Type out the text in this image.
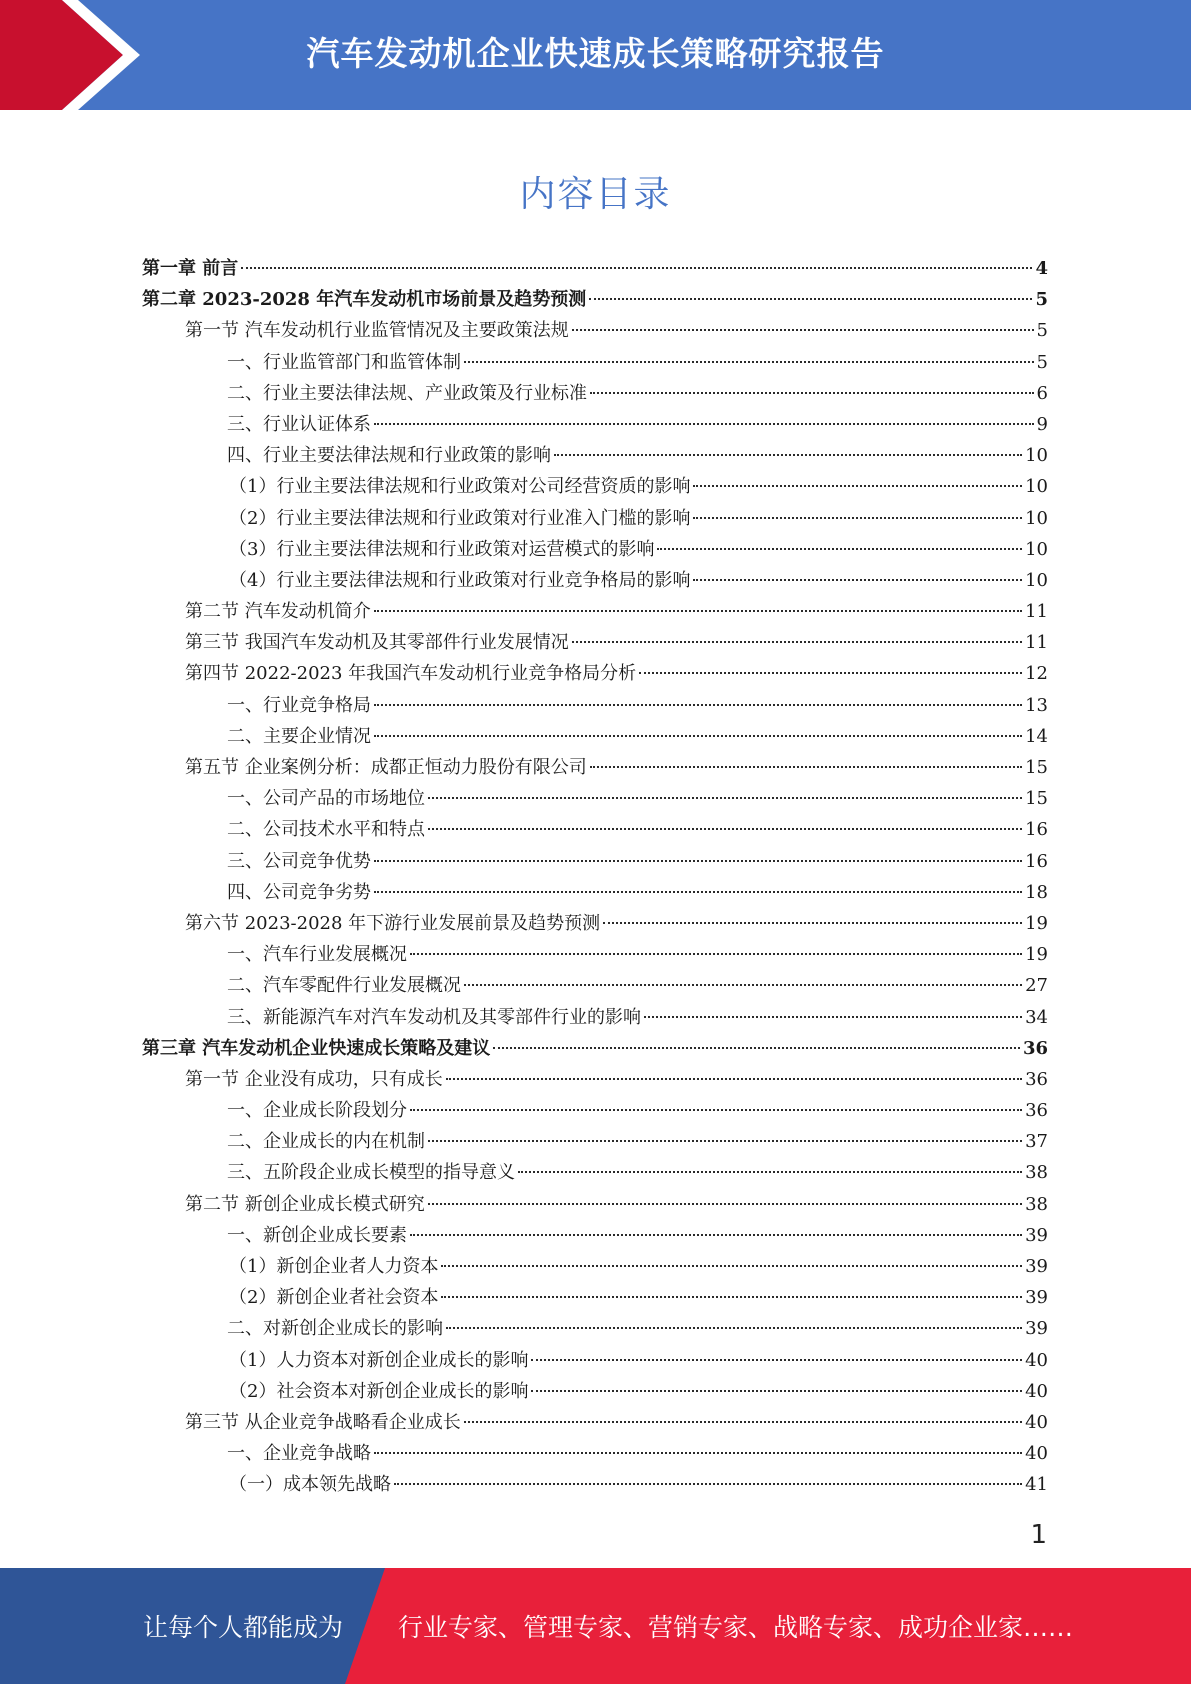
汽车发动机企业快速成长策略研究报告
内容目录
第一章 前言	4
第二章 2023-2028 年汽车发动机市场前景及趋势预测	5
第一节 汽车发动机行业监管情况及主要政策法规	5
一、行业监管部门和监管体制	5
二、行业主要法律法规、产业政策及行业标准	6
三、行业认证体系	9
四、行业主要法律法规和行业政策的影响	10
（1）行业主要法律法规和行业政策对公司经营资质的影响	10
（2）行业主要法律法规和行业政策对行业准入门槛的影响	10
（3）行业主要法律法规和行业政策对运营模式的影响	10
（4）行业主要法律法规和行业政策对行业竞争格局的影响	10
第二节 汽车发动机简介	11
第三节 我国汽车发动机及其零部件行业发展情况	11
第四节 2022-2023 年我国汽车发动机行业竞争格局分析	12
一、行业竞争格局	13
二、主要企业情况	14
第五节 企业案例分析：成都正恒动力股份有限公司	15
一、公司产品的市场地位	15
二、公司技术水平和特点	16
三、公司竞争优势	16
四、公司竞争劣势	18
第六节 2023-2028 年下游行业发展前景及趋势预测	19
一、汽车行业发展概况	19
二、汽车零配件行业发展概况	27
三、新能源汽车对汽车发动机及其零部件行业的影响	34
第三章 汽车发动机企业快速成长策略及建议	36
第一节 企业没有成功，只有成长	36
一、企业成长阶段划分	36
二、企业成长的内在机制	37
三、五阶段企业成长模型的指导意义	38
第二节 新创企业成长模式研究	38
一、新创企业成长要素	39
（1）新创企业者人力资本	39
（2）新创企业者社会资本	39
二、对新创企业成长的影响	39
（1）人力资本对新创企业成长的影响	40
（2）社会资本对新创企业成长的影响	40
第三节 从企业竞争战略看企业成长	40
一、企业竞争战略	40
（一）成本领先战略	41
1
让每个人都能成为 行业专家、管理专家、营销专家、战略专家、成功企业家……
